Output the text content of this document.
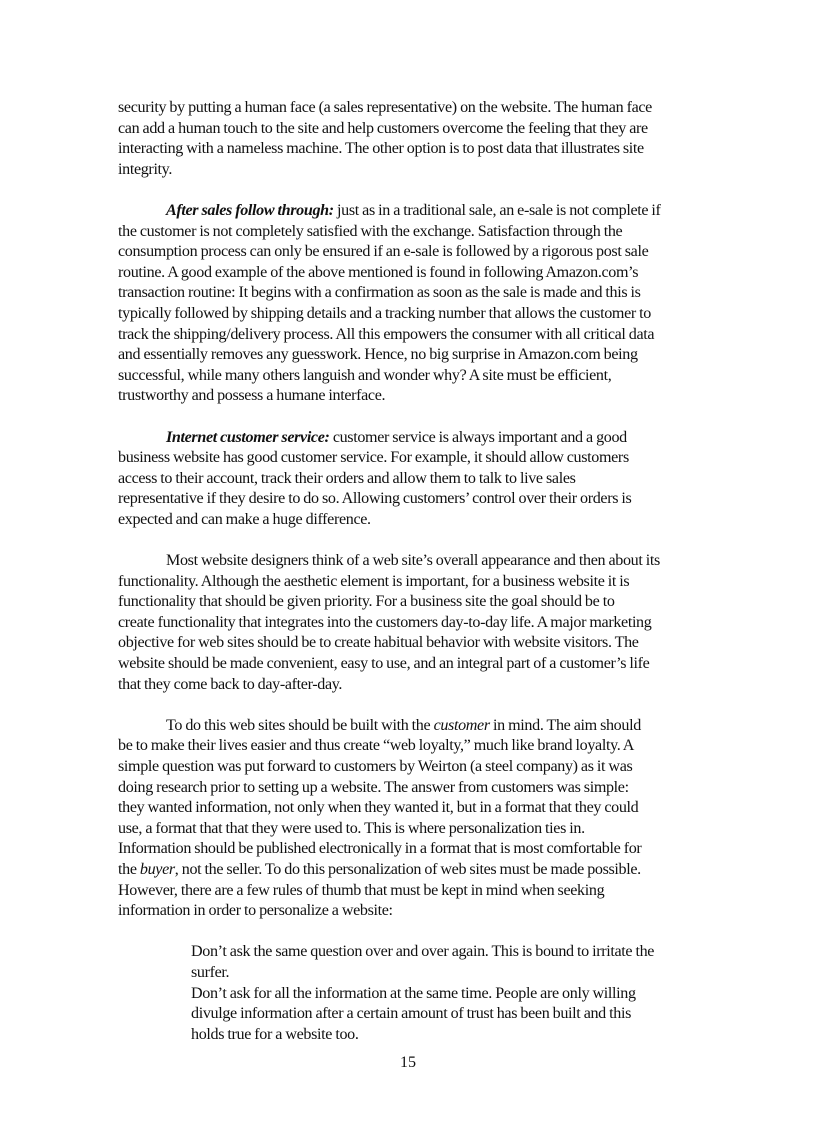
security by putting a human face (a sales representative) on the website. The human face
can add a human touch to the site and help customers overcome the feeling that they are
interacting with a nameless machine. The other option is to post data that illustrates site
integrity.
After sales follow through: just as in a traditional sale, an e-sale is not complete if
the customer is not completely satisfied with the exchange. Satisfaction through the
consumption process can only be ensured if an e-sale is followed by a rigorous post sale
routine. A good example of the above mentioned is found in following Amazon.com’s
transaction routine: It begins with a confirmation as soon as the sale is made and this is
typically followed by shipping details and a tracking number that allows the customer to
track the shipping/delivery process. All this empowers the consumer with all critical data
and essentially removes any guesswork. Hence, no big surprise in Amazon.com being
successful, while many others languish and wonder why? A site must be efficient,
trustworthy and possess a humane interface.
Internet customer service: customer service is always important and a good
business website has good customer service. For example, it should allow customers
access to their account, track their orders and allow them to talk to live sales
representative if they desire to do so. Allowing customers’ control over their orders is
expected and can make a huge difference.
Most website designers think of a web site’s overall appearance and then about its
functionality. Although the aesthetic element is important, for a business website it is
functionality that should be given priority. For a business site the goal should be to
create functionality that integrates into the customers day-to-day life. A major marketing
objective for web sites should be to create habitual behavior with website visitors. The
website should be made convenient, easy to use, and an integral part of a customer’s life
that they come back to day-after-day.
To do this web sites should be built with the customer in mind. The aim should
be to make their lives easier and thus create “web loyalty,” much like brand loyalty. A
simple question was put forward to customers by Weirton (a steel company) as it was
doing research prior to setting up a website. The answer from customers was simple:
they wanted information, not only when they wanted it, but in a format that they could
use, a format that that they were used to. This is where personalization ties in.
Information should be published electronically in a format that is most comfortable for
the buyer, not the seller. To do this personalization of web sites must be made possible.
However, there are a few rules of thumb that must be kept in mind when seeking
information in order to personalize a website:
Don’t ask the same question over and over again. This is bound to irritate the
surfer.
Don’t ask for all the information at the same time. People are only willing
divulge information after a certain amount of trust has been built and this
holds true for a website too.
15
